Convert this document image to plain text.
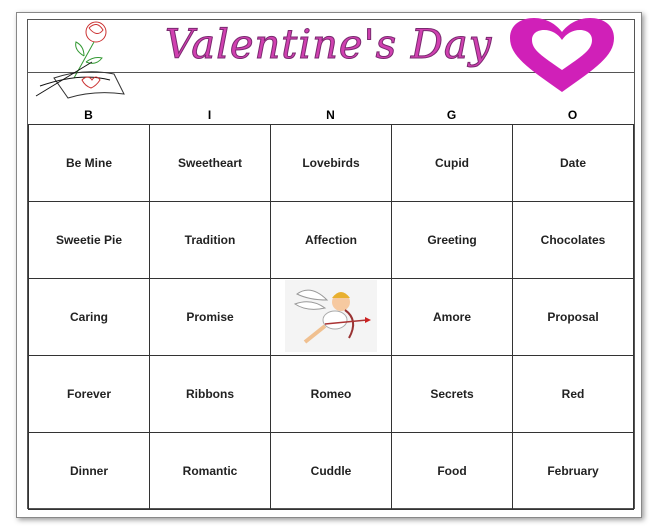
Valentine's Day
B	I	N	G	O
Be Mine	Sweetheart	Lovebirds	Cupid	Date
Sweetie Pie	Tradition	Affection	Greeting	Chocolates
Caring	Promise		Amore	Proposal
Forever	Ribbons	Romeo	Secrets	Red
Dinner	Romantic	Cuddle	Food	February
